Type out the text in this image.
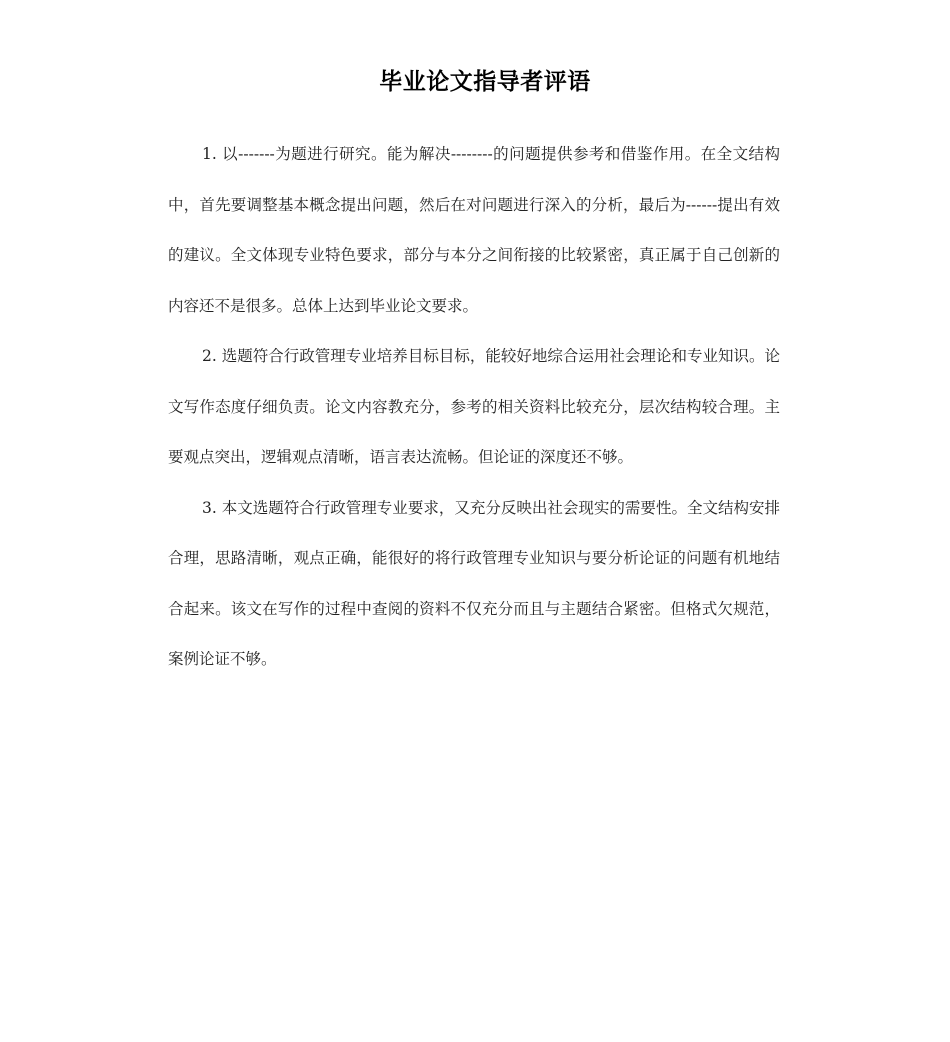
毕业论文指导者评语

1. 以-------为题进行研究。能为解决--------的问题提供参考和借鉴作用。在全文结构中，首先要调整基本概念提出问题，然后在对问题进行深入的分析，最后为------提出有效的建议。全文体现专业特色要求，部分与本分之间衔接的比较紧密，真正属于自己创新的内容还不是很多。总体上达到毕业论文要求。

2. 选题符合行政管理专业培养目标目标，能较好地综合运用社会理论和专业知识。论文写作态度仔细负责。论文内容教充分，参考的相关资料比较充分，层次结构较合理。主要观点突出，逻辑观点清晰，语言表达流畅。但论证的深度还不够。

3. 本文选题符合行政管理专业要求，又充分反映出社会现实的需要性。全文结构安排合理，思路清晰，观点正确，能很好的将行政管理专业知识与要分析论证的问题有机地结合起来。该文在写作的过程中查阅的资料不仅充分而且与主题结合紧密。但格式欠规范，案例论证不够。
